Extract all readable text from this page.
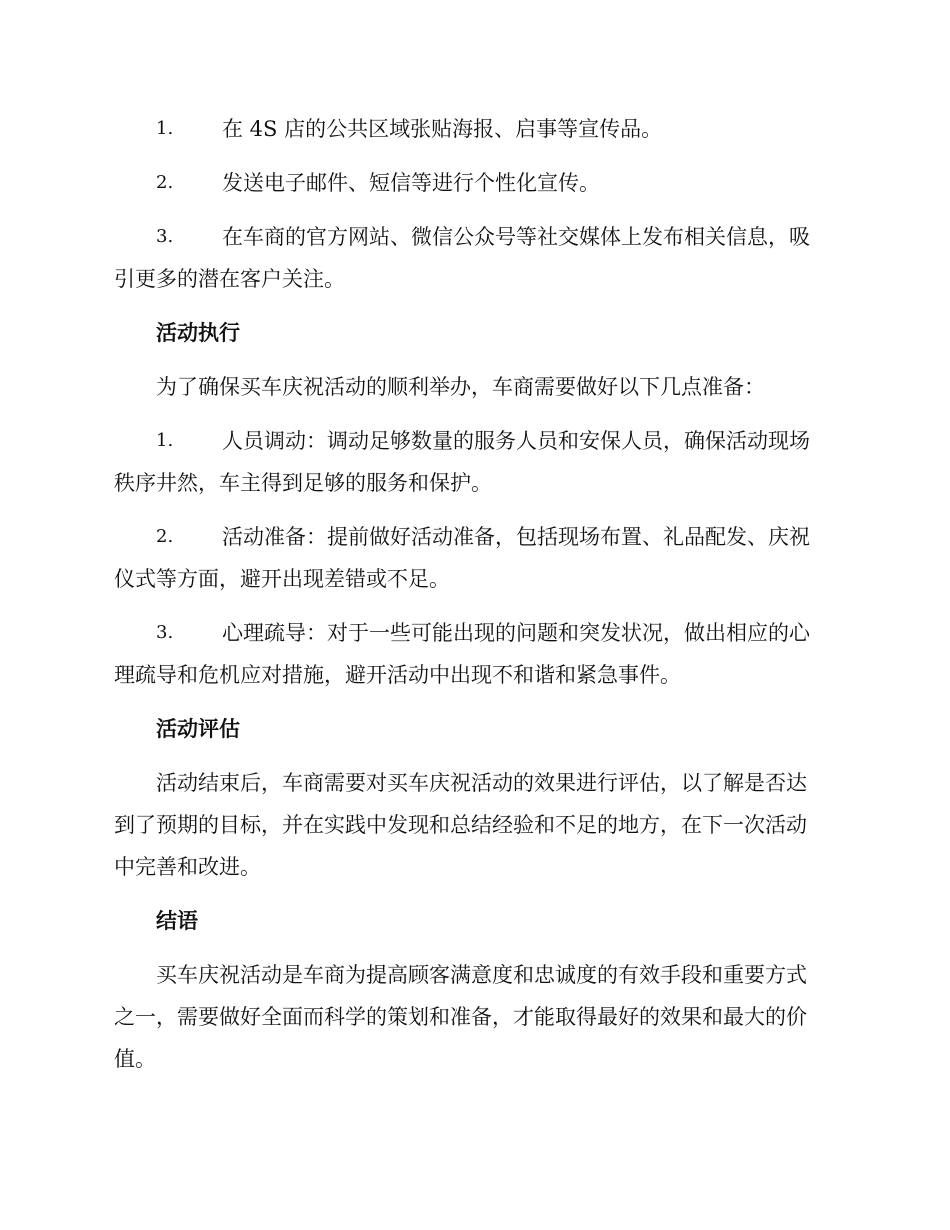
1. 在 4S 店的公共区域张贴海报、启事等宣传品。

2. 发送电子邮件、短信等进行个性化宣传。

3. 在车商的官方网站、微信公众号等社交媒体上发布相关信息，吸

引更多的潜在客户关注。

活动执行

为了确保买车庆祝活动的顺利举办，车商需要做好以下几点准备：

1. 人员调动：调动足够数量的服务人员和安保人员，确保活动现场

秩序井然，车主得到足够的服务和保护。

2. 活动准备：提前做好活动准备，包括现场布置、礼品配发、庆祝

仪式等方面，避开出现差错或不足。

3. 心理疏导：对于一些可能出现的问题和突发状况，做出相应的心

理疏导和危机应对措施，避开活动中出现不和谐和紧急事件。

活动评估

活动结束后，车商需要对买车庆祝活动的效果进行评估，以了解是否达

到了预期的目标，并在实践中发现和总结经验和不足的地方，在下一次活动

中完善和改进。

结语

买车庆祝活动是车商为提高顾客满意度和忠诚度的有效手段和重要方式

之一，需要做好全面而科学的策划和准备，才能取得最好的效果和最大的价

值。
